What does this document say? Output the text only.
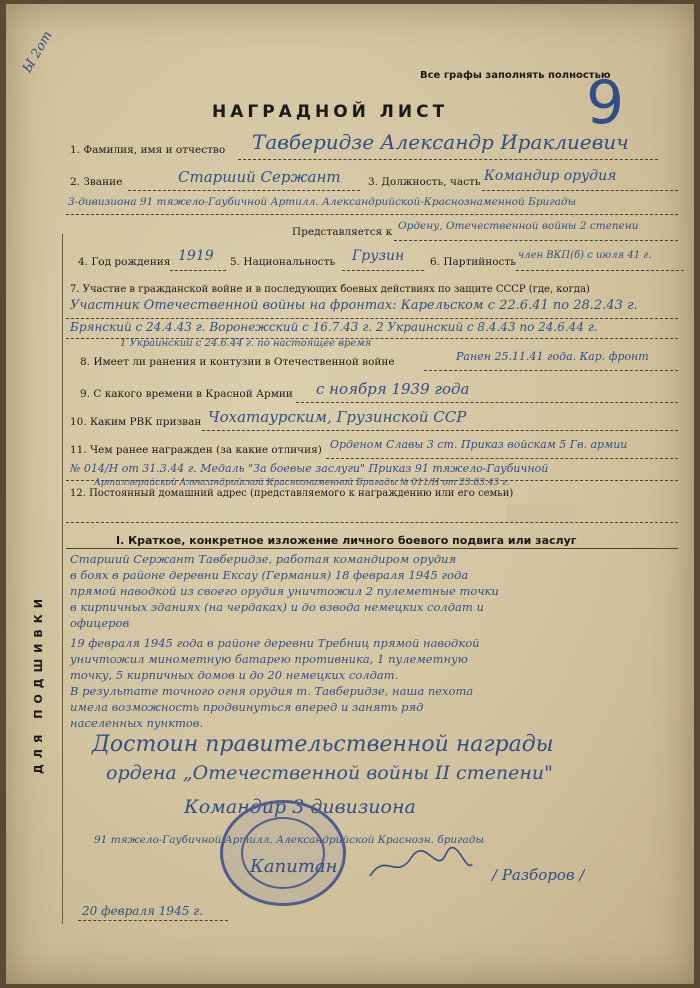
Ы 2от	Все графы заполнять полностью
9
НАГРАДНОЙ ЛИСТ
ДЛЯ ПОДШИВКИ
1. Фамилия, имя и отчество Тавберидзе Александр Ираклиевич
2. Звание	Старший Сержант	3. Должность, часть Командир орудия
3-дивизиона 91 тяжело-Гаубичной Артилл. Александрийской-Краснознаменной Бригады
Представляется к Ордену, Отечественной войны 2 степени
4. Год рождения 1919 5. Национальность Грузин 6. Партийность
член ВКП(б) с июля 41 г.
7. Участие в гражданской войне и в последующих боевых действиях по защите СССР (где, когда)
Участник Отечественной войны на фронтах: Карельском с 22.6.41 по 28.2.43 г.
Брянский с 24.4.43 г. Воронежский с 16.7.43 г. 2 Украинский с 8.4.43 по 24.6.44 г.
1 Украинский с 24.6.44 г. по настоящее время
8. Имеет ли ранения и контузии в Отечественной войне	Ранен 25.11.41 года. Кар. фронт
9. С какого времени в Красной Армии с ноября 1939 года
10. Каким РВК призван Чохатаурским, Грузинской ССР
11. Чем ранее награжден (за какие отличия) Орденом Славы 3 ст. Приказ войскам 5 Гв. армии
№ 014/Н от 31.3.44 г. Медаль "За боевые заслуги" Приказ 91 тяжело-Гаубичной
Артиллерийской Александрийской Краснознаменной Бригады № 011/Н от 23.03.43 г.
12. Постоянный домашний адрес (представляемого к награждению или его семьи)
I. Краткое, конкретное изложение личного боевого подвига или заслуг
Старший Сержант Тавберидзе, работая командиром орудия
в боях в районе деревни Ексау (Германия) 18 февраля 1945 года
прямой наводкой из своего орудия уничтожил 2 пулеметные точки
в кирпичных зданиях (на чердаках) и до взвода немецких солдат и
офицеров
19 февраля 1945 года в районе деревни Требниц прямой наводкой
уничтожил минометную батарею противника, 1 пулеметную
точку, 5 кирпичных домов и до 20 немецких солдат.
В результате точного огня орудия т. Тавберидзе, наша пехота
имела возможность продвинуться вперед и занять ряд
населенных пунктов.
Достоин правительственной награды
ордена „Отечественной войны II степени"
Командир 3 дивизиона
91 тяжело-Гаубичной Артилл. Александрийской Краснозн. бригады
Капитан	/ Разборов /
20 февраля 1945 г.
